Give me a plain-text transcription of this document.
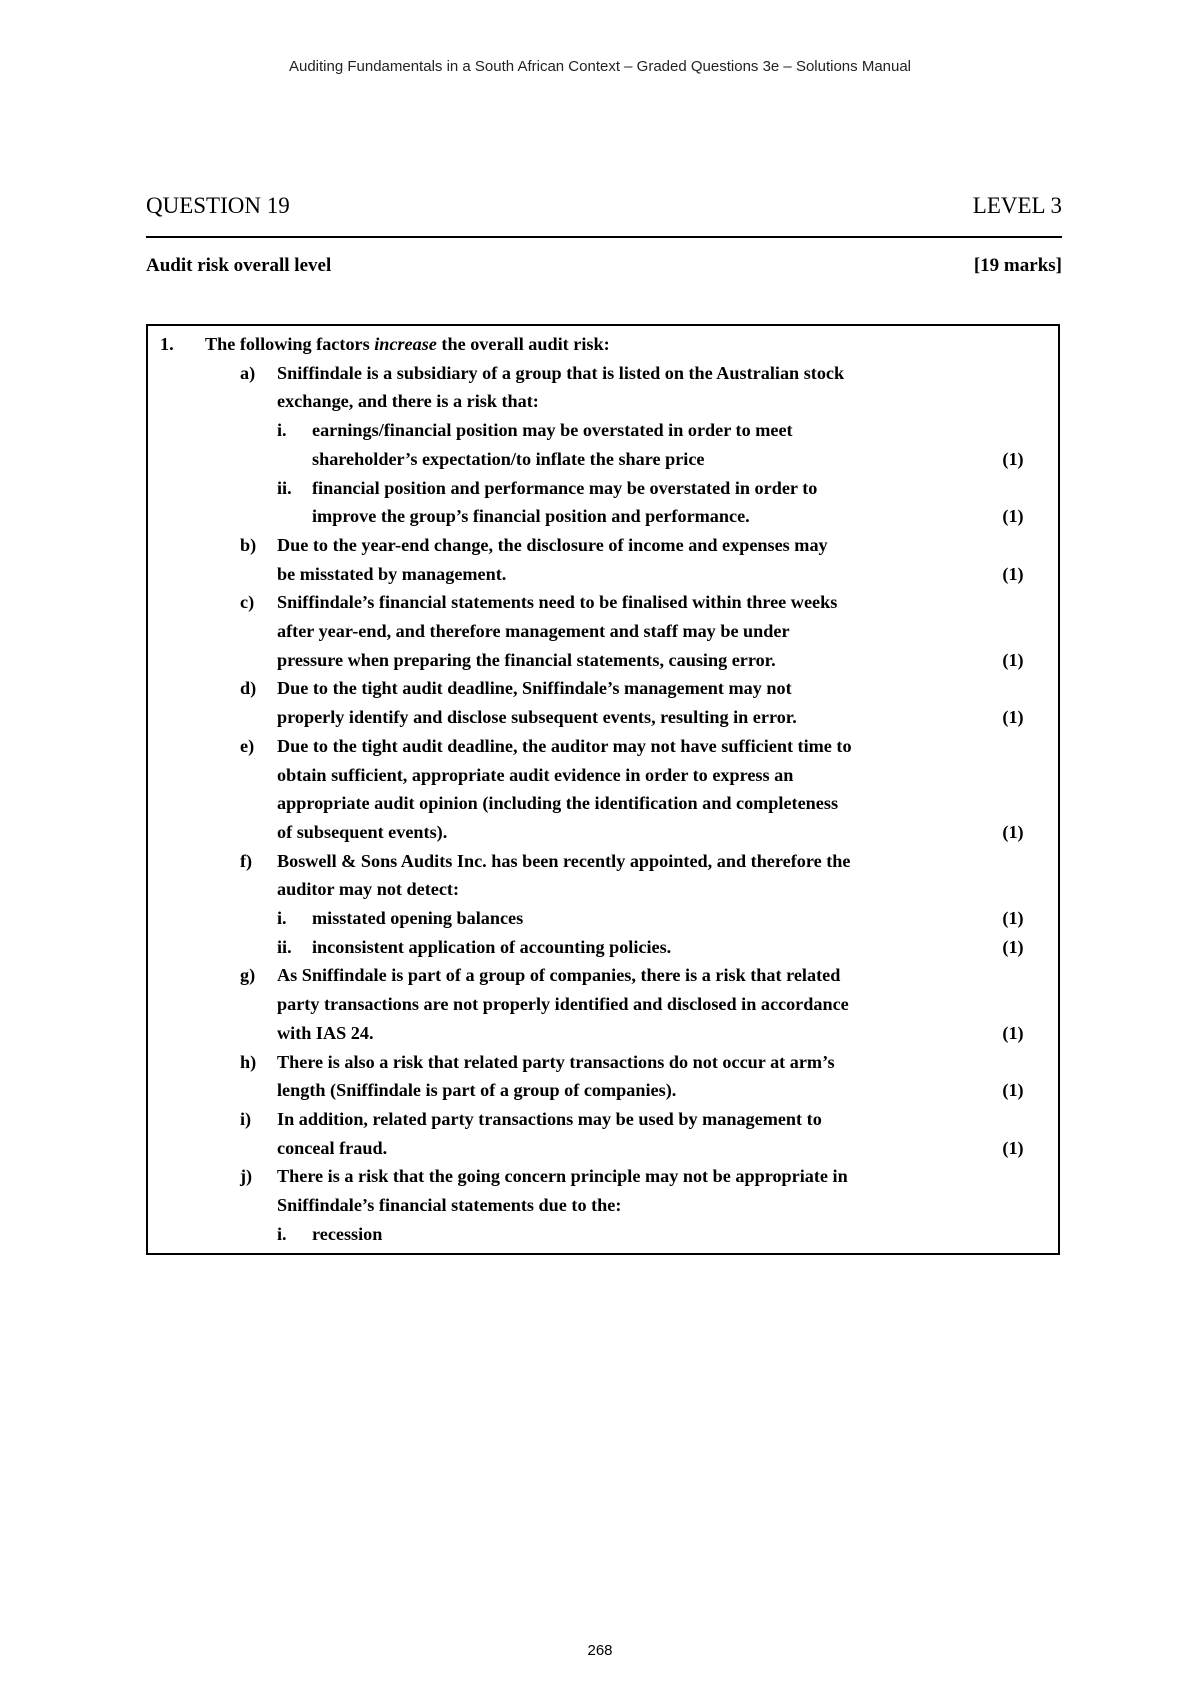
Auditing Fundamentals in a South African Context – Graded Questions 3e – Solutions Manual
QUESTION 19	LEVEL 3
Audit risk overall level	[19 marks]
1. The following factors increase the overall audit risk:
a) Sniffindale is a subsidiary of a group that is listed on the Australian stock
exchange, and there is a risk that:
i. earnings/financial position may be overstated in order to meet
shareholder’s expectation/to inflate the share price	(1)
ii. financial position and performance may be overstated in order to
improve the group’s financial position and performance.	(1)
b) Due to the year-end change, the disclosure of income and expenses may
be misstated by management.	(1)
c) Sniffindale’s financial statements need to be finalised within three weeks
after year-end, and therefore management and staff may be under
pressure when preparing the financial statements, causing error.	(1)
d) Due to the tight audit deadline, Sniffindale’s management may not
properly identify and disclose subsequent events, resulting in error.	(1)
e) Due to the tight audit deadline, the auditor may not have sufficient time to
obtain sufficient, appropriate audit evidence in order to express an
appropriate audit opinion (including the identification and completeness
of subsequent events).	(1)
f) Boswell & Sons Audits Inc. has been recently appointed, and therefore the
auditor may not detect:
i. misstated opening balances	(1)
ii. inconsistent application of accounting policies.	(1)
g) As Sniffindale is part of a group of companies, there is a risk that related
party transactions are not properly identified and disclosed in accordance
with IAS 24.	(1)
h) There is also a risk that related party transactions do not occur at arm’s
length (Sniffindale is part of a group of companies).	(1)
i) In addition, related party transactions may be used by management to
conceal fraud.	(1)
j) There is a risk that the going concern principle may not be appropriate in
Sniffindale’s financial statements due to the:
i. recession
268
